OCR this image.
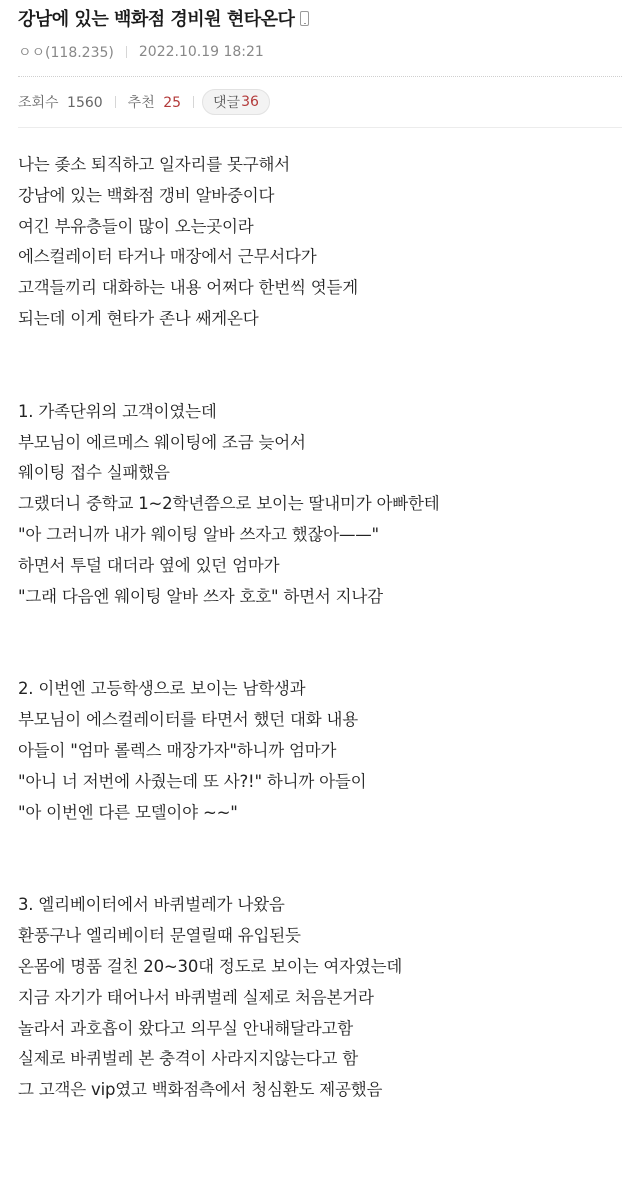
강남에 있는 백화점 경비원 현타온다
ㅇㅇ(118.235) 2022.10.19 18:21
조회수 1560 추천 25 댓글 36
나는 좆소 퇴직하고 일자리를 못구해서
강남에 있는 백화점 갱비 알바중이다
여긴 부유층들이 많이 오는곳이라
에스컬레이터 타거나 매장에서 근무서다가
고객들끼리 대화하는 내용 어쩌다 한번씩 엿듣게
되는데 이게 현타가 존나 쌔게온다
1. 가족단위의 고객이였는데
부모님이 에르메스 웨이팅에 조금 늦어서
웨이팅 접수 실패했음
그랬더니 중학교 1~2학년쯤으로 보이는 딸내미가 아빠한테
"아 그러니까 내가 웨이팅 알바 쓰자고 했잖아——"
하면서 투덜 대더라 옆에 있던 엄마가
"그래 다음엔 웨이팅 알바 쓰자 호호" 하면서 지나감
2. 이번엔 고등학생으로 보이는 남학생과
부모님이 에스컬레이터를 타면서 했던 대화 내용
아들이 "엄마 롤렉스 매장가자"하니까 엄마가
"아니 너 저번에 사줬는데 또 사?!" 하니까 아들이
"아 이번엔 다른 모델이야 ~~"
3. 엘리베이터에서 바퀴벌레가 나왔음
환풍구나 엘리베이터 문열릴때 유입된듯
온몸에 명품 걸친 20~30대 정도로 보이는 여자였는데
지금 자기가 태어나서 바퀴벌레 실제로 처음본거라
놀라서 과호흡이 왔다고 의무실 안내해달라고함
실제로 바퀴벌레 본 충격이 사라지지않는다고 함
그 고객은 vip였고 백화점측에서 청심환도 제공했음
